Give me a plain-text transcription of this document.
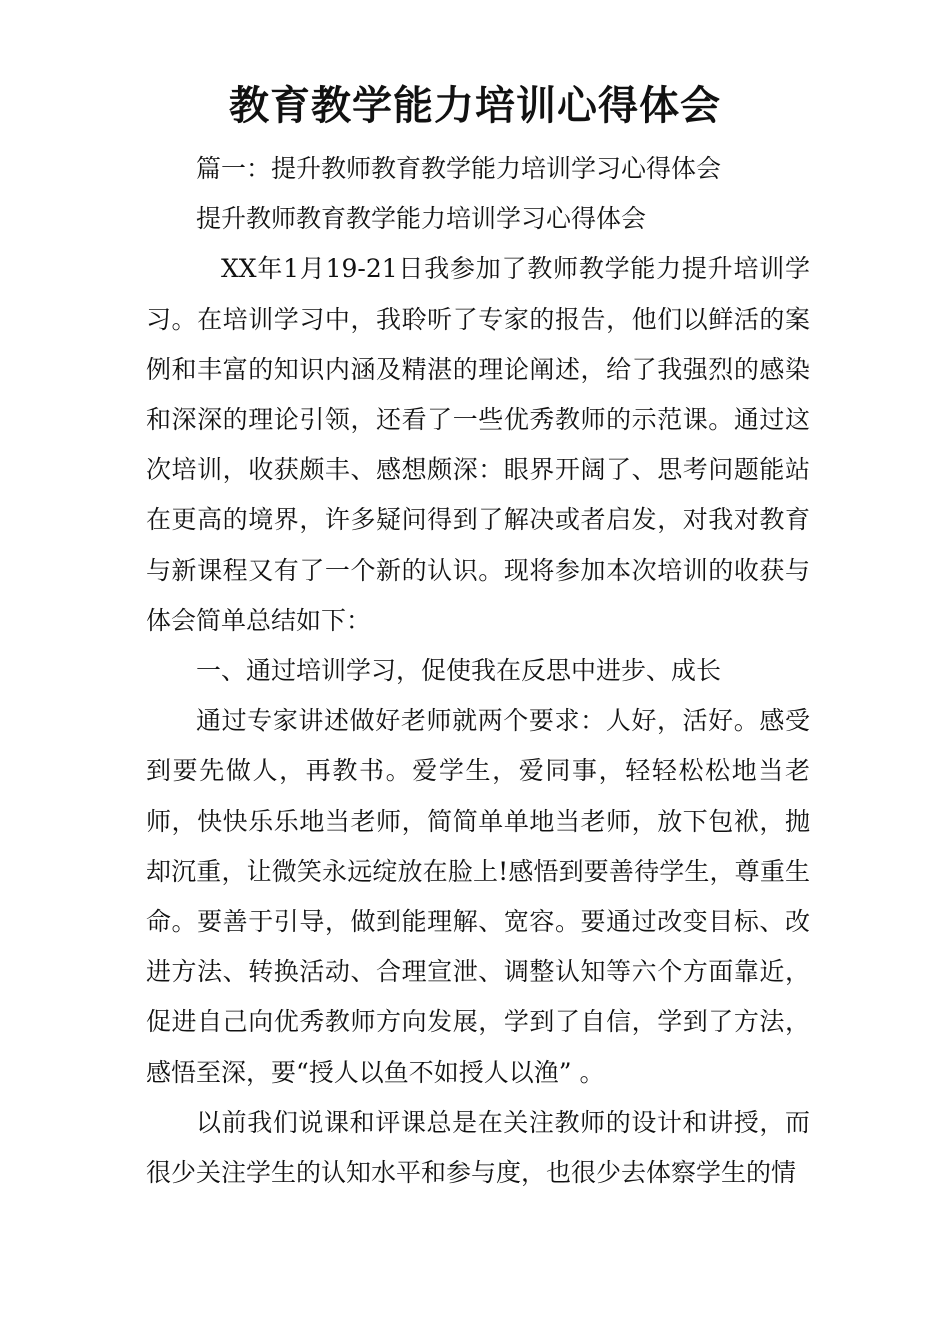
教育教学能力培训心得体会

篇一：提升教师教育教学能力培训学习心得体会

提升教师教育教学能力培训学习心得体会

XX年1月19-21日我参加了教师教学能力提升培训学习。在培训学习中，我聆听了专家的报告，他们以鲜活的案例和丰富的知识内涵及精湛的理论阐述，给了我强烈的感染和深深的理论引领，还看了一些优秀教师的示范课。通过这次培训，收获颇丰、感想颇深：眼界开阔了、思考问题能站在更高的境界，许多疑问得到了解决或者启发，对我对教育与新课程又有了一个新的认识。现将参加本次培训的收获与体会简单总结如下：

一、通过培训学习，促使我在反思中进步、成长

通过专家讲述做好老师就两个要求：人好，活好。感受到要先做人，再教书。爱学生，爱同事，轻轻松松地当老师，快快乐乐地当老师，简简单单地当老师，放下包袱，抛却沉重，让微笑永远绽放在脸上!感悟到要善待学生，尊重生命。要善于引导，做到能理解、宽容。要通过改变目标、改进方法、转换活动、合理宣泄、调整认知等六个方面靠近，促进自己向优秀教师方向发展，学到了自信，学到了方法，感悟至深，要“授人以鱼不如授人以渔” 。

以前我们说课和评课总是在关注教师的设计和讲授，而很少关注学生的认知水平和参与度，也很少去体察学生的情
